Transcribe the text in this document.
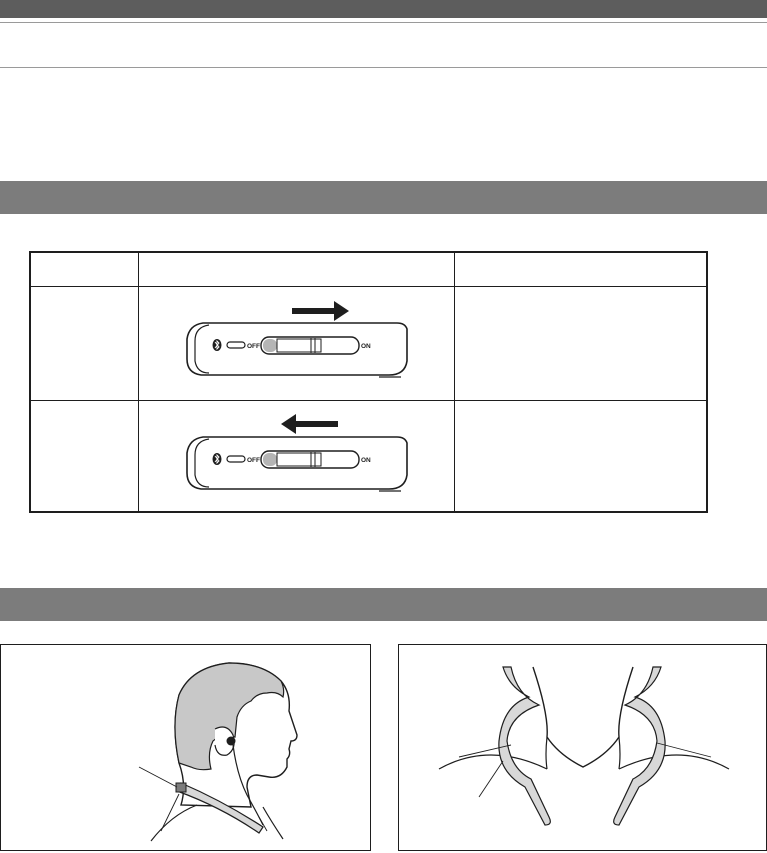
OFF	ON
OFF	ON
